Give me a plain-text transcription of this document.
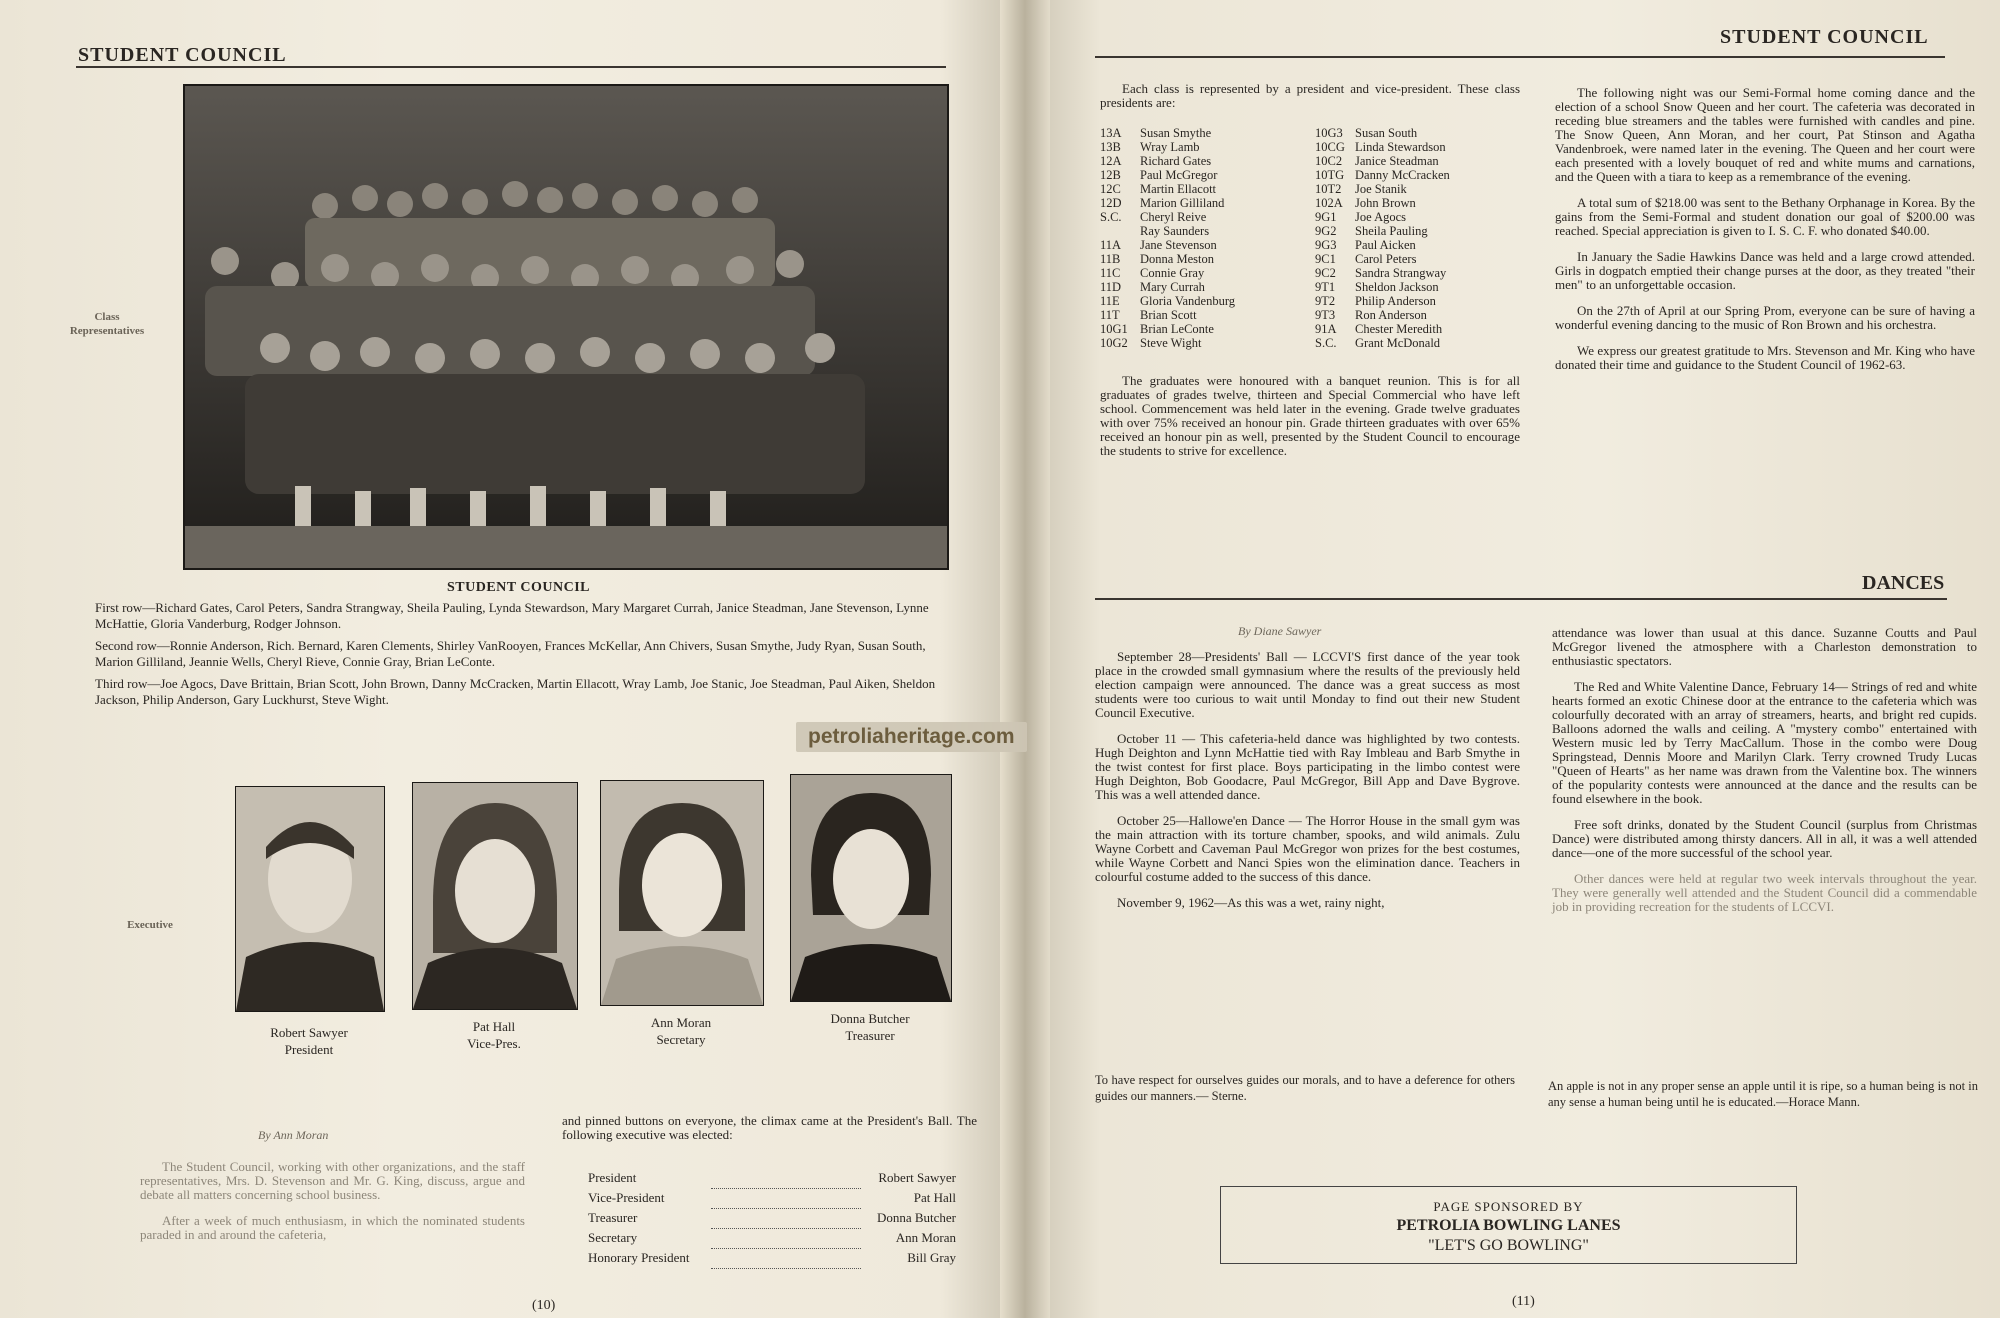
STUDENT COUNCIL
Class
Representatives
STUDENT COUNCIL
First row—Richard Gates, Carol Peters, Sandra Strangway, Sheila Pauling, Lynda Stewardson, Mary Margaret Currah, Janice Steadman, Jane Stevenson, Lynne McHattie, Gloria Vanderburg, Rodger Johnson.
Second row—Ronnie Anderson, Rich. Bernard, Karen Clements, Shirley VanRooyen, Frances McKellar, Ann Chivers, Susan Smythe, Judy Ryan, Susan South, Marion Gilliland, Jeannie Wells, Cheryl Rieve, Connie Gray, Brian LeConte.
Third row—Joe Agocs, Dave Brittain, Brian Scott, John Brown, Danny McCracken, Martin Ellacott, Wray Lamb, Joe Stanic, Joe Steadman, Paul Aiken, Sheldon Jackson, Philip Anderson, Gary Luckhurst, Steve Wight.
petroliaheritage.com
Executive
Robert Sawyer
President
Pat Hall
Vice-Pres.
Ann Moran
Secretary
Donna Butcher
Treasurer
By Ann Moran

The Student Council, working with other organizations, and the staff representatives, Mrs. D. Stevenson and Mr. G. King, discuss, argue and debate all matters concerning school business.

After a week of much enthusiasm, in which the nominated students paraded in and around the cafeteria,

and pinned buttons on everyone, the climax came at the President's Ball. The following executive was elected:

President		Robert Sawyer
Vice-President		Pat Hall
Treasurer		Donna Butcher
Secretary		Ann Moran
Honorary President		Bill Gray
(10)
STUDENT COUNCIL

Each class is represented by a president and vice-president. These class presidents are:

13A	Susan Smythe
13B	Wray Lamb
12A	Richard Gates
12B	Paul McGregor
12C	Martin Ellacott
12D	Marion Gilliland
S.C.	Cheryl Reive
Ray Saunders
11A	Jane Stevenson
11B	Donna Meston
11C	Connie Gray
11D	Mary Currah
11E	Gloria Vandenburg
11T	Brian Scott
10G1 Brian LeConte
10G2 Steve Wight
10G3 Susan South
10CG Linda Stewardson
10C2	Janice Steadman
10TG Danny McCracken
10T2	Joe Stanik
102A John Brown
9G1	Joe Agocs
9G2	Sheila Pauling
9G3	Paul Aicken
9C1	Carol Peters
9C2	Sandra Strangway
9T1	Sheldon Jackson
9T2	Philip Anderson
9T3	Ron Anderson
91A	Chester Meredith
S.C.	Grant McDonald

The graduates were honoured with a banquet reunion. This is for all graduates of grades twelve, thirteen and Special Commercial who have left school. Commencement was held later in the evening. Grade twelve graduates with over 75% received an honour pin. Grade thirteen graduates with over 65% received an honour pin as well, presented by the Student Council to encourage the students to strive for excellence.

The following night was our Semi-Formal home coming dance and the election of a school Snow Queen and her court. The cafeteria was decorated in receding blue streamers and the tables were furnished with candles and pine. The Snow Queen, Ann Moran, and her court, Pat Stinson and Agatha Vandenbroek, were named later in the evening. The Queen and her court were each presented with a lovely bouquet of red and white mums and carnations, and the Queen with a tiara to keep as a remembrance of the evening.

A total sum of $218.00 was sent to the Bethany Orphanage in Korea. By the gains from the Semi-Formal and student donation our goal of $200.00 was reached. Special appreciation is given to I. S. C. F. who donated $40.00.

In January the Sadie Hawkins Dance was held and a large crowd attended. Girls in dogpatch emptied their change purses at the door, as they treated "their men" to an unforgettable occasion.

On the 27th of April at our Spring Prom, everyone can be sure of having a wonderful evening dancing to the music of Ron Brown and his orchestra.

We express our greatest gratitude to Mrs. Stevenson and Mr. King who have donated their time and guidance to the Student Council of 1962-63.

DANCES
By Diane Sawyer

September 28—Presidents' Ball — LCCVI'S first dance of the year took place in the crowded small gymnasium where the results of the previously held election campaign were announced. The dance was a great success as most students were too curious to wait until Monday to find out their new Student Council Executive.

October 11 — This cafeteria-held dance was highlighted by two contests. Hugh Deighton and Lynn McHattie tied with Ray Imbleau and Barb Smythe in the twist contest for first place. Boys participating in the limbo contest were Hugh Deighton, Bob Goodacre, Paul McGregor, Bill App and Dave Bygrove. This was a well attended dance.

October 25—Hallowe'en Dance — The Horror House in the small gym was the main attraction with its torture chamber, spooks, and wild animals. Zulu Wayne Corbett and Caveman Paul McGregor won prizes for the best costumes, while Wayne Corbett and Nanci Spies won the elimination dance. Teachers in colourful costume added to the success of this dance.

November 9, 1962—As this was a wet, rainy night,

attendance was lower than usual at this dance. Suzanne Coutts and Paul McGregor livened the atmosphere with a Charleston demonstration to enthusiastic spectators.

The Red and White Valentine Dance, February 14— Strings of red and white hearts formed an exotic Chinese door at the entrance to the cafeteria which was colourfully decorated with an array of streamers, hearts, and bright red cupids. Balloons adorned the walls and ceiling. A "mystery combo" entertained with Western music led by Terry MacCallum. Those in the combo were Doug Springstead, Dennis Moore and Marilyn Clark. Terry crowned Trudy Lucas "Queen of Hearts" as her name was drawn from the Valentine box. The winners of the popularity contests were announced at the dance and the results can be found elsewhere in the book.

Free soft drinks, donated by the Student Council (surplus from Christmas Dance) were distributed among thirsty dancers. All in all, it was a well attended dance—one of the more successful of the school year.

Other dances were held at regular two week intervals throughout the year. They were generally well attended and the Student Council did a commendable job in providing recreation for the students of LCCVI.

To have respect for ourselves guides our morals, and to have a deference for others guides our manners.— Sterne.
An apple is not in any proper sense an apple until it is ripe, so a human being is not in any sense a human being until he is educated.—Horace Mann.
PAGE SPONSORED BY
PETROLIA BOWLING LANES
"LET'S GO BOWLING"
(11)
